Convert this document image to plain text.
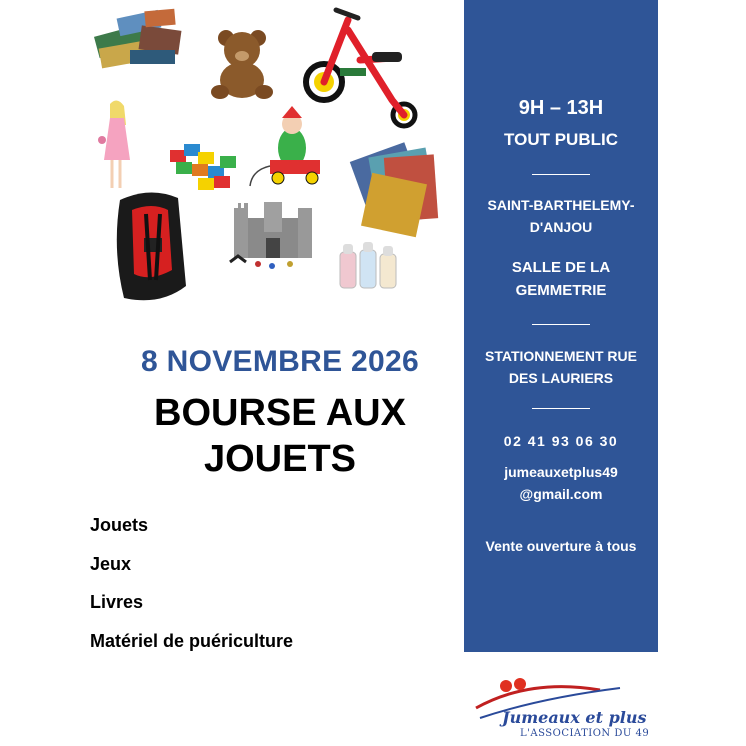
8 NOVEMBRE 2026
BOURSE AUX JOUETS
Jouets
Jeux
Livres
Matériel de puériculture
9H – 13H
TOUT PUBLIC
SAINT-BARTHELEMY-D'ANJOU
SALLE DE LA GEMMETRIE
STATIONNEMENT RUE DES LAURIERS
02 41 93 06 30
jumeauxetplus49 @gmail.com
Vente ouverture à tous
Jumeaux et plus
L'ASSOCIATION DU 49
